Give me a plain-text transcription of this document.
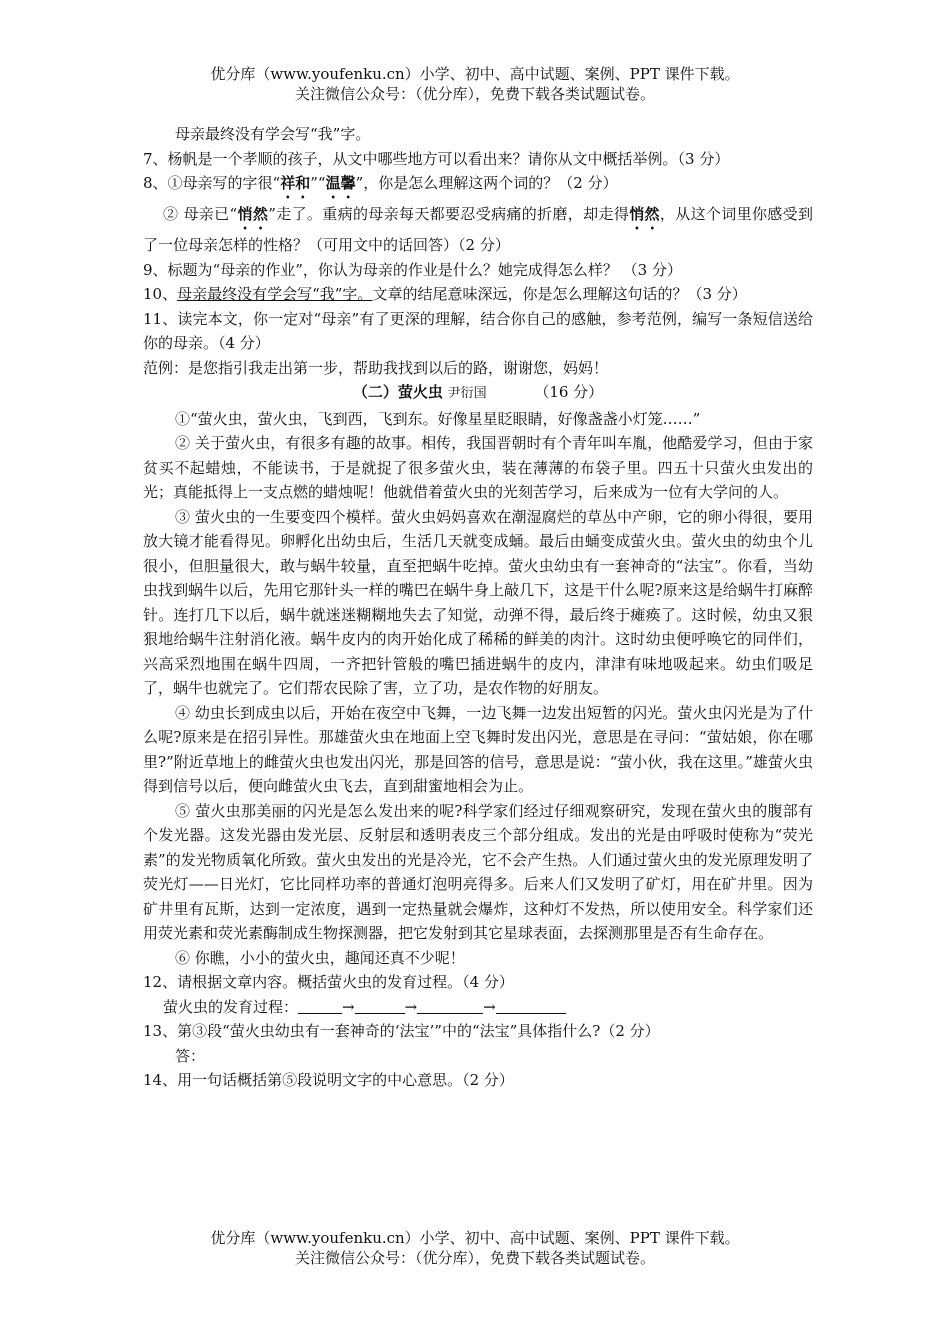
优分库（www.youfenku.cn）小学、初中、高中试题、案例、PPT 课件下载。
关注微信公众号：（优分库），免费下载各类试题试卷。

母亲最终没有学会写“我”字。

7、杨帆是一个孝顺的孩子，从文中哪些地方可以看出来？请你从文中概括举例。（3 分）

8、①母亲写的字很“祥和”“温馨”，你是怎么理解这两个词的？（2 分）

② 母亲已“悄然”走了。重病的母亲每天都要忍受病痛的折磨，却走得悄然，从这个词里你感受到了一位母亲怎样的性格？（可用文中的话回答）（2 分）

9、标题为“母亲的作业”，你认为母亲的作业是什么？她完成得怎么样？ （3 分）

10、母亲最终没有学会写“我”字。文章的结尾意味深远，你是怎么理解这句话的？（3 分）

11、读完本文，你一定对“母亲”有了更深的理解，结合你自己的感触，参考范例，编写一条短信送给你的母亲。（4 分）

范例：是您指引我走出第一步，帮助我找到以后的路，谢谢您，妈妈！

（二）萤火虫 尹衍国	（16 分）

①“萤火虫，萤火虫，飞到西，飞到东。好像星星眨眼睛，好像盏盏小灯笼……”

② 关于萤火虫，有很多有趣的故事。相传，我国晋朝时有个青年叫车胤，他酷爱学习，但由于家贫买不起蜡烛，不能读书，于是就捉了很多萤火虫，装在薄薄的布袋子里。四五十只萤火虫发出的光；真能抵得上一支点燃的蜡烛呢！他就借着萤火虫的光刻苦学习，后来成为一位有大学问的人。

③ 萤火虫的一生要变四个模样。萤火虫妈妈喜欢在潮湿腐烂的草丛中产卵，它的卵小得很，要用放大镜才能看得见。卵孵化出幼虫后，生活几天就变成蛹。最后由蛹变成萤火虫。萤火虫的幼虫个儿很小，但胆量很大，敢与蜗牛较量，直至把蜗牛吃掉。萤火虫幼虫有一套神奇的“法宝”。你看，当幼虫找到蜗牛以后，先用它那针头一样的嘴巴在蜗牛身上敲几下，这是干什么呢?原来这是给蜗牛打麻醉针。连打几下以后，蜗牛就迷迷糊糊地失去了知觉，动弹不得，最后终于瘫痪了。这时候，幼虫又狠狠地给蜗牛注射消化液。蜗牛皮内的肉开始化成了稀稀的鲜美的肉汁。这时幼虫便呼唤它的同伴们，兴高采烈地围在蜗牛四周，一齐把针管般的嘴巴插进蜗牛的皮内，津津有味地吸起来。幼虫们吸足了，蜗牛也就完了。它们帮农民除了害，立了功，是农作物的好朋友。

④ 幼虫长到成虫以后，开始在夜空中飞舞，一边飞舞一边发出短暂的闪光。萤火虫闪光是为了什么呢?原来是在招引异性。那雄萤火虫在地面上空飞舞时发出闪光，意思是在寻问：“萤姑娘，你在哪里?”附近草地上的雌萤火虫也发出闪光，那是回答的信号，意思是说：“萤小伙，我在这里。”雄萤火虫得到信号以后，便向雌萤火虫飞去，直到甜蜜地相会为止。

⑤ 萤火虫那美丽的闪光是怎么发出来的呢?科学家们经过仔细观察研究，发现在萤火虫的腹部有个发光器。这发光器由发光层、反射层和透明表皮三个部分组成。发出的光是由呼吸时使称为“荧光素”的发光物质氧化所致。萤火虫发出的光是冷光，它不会产生热。人们通过萤火虫的发光原理发明了荧光灯——日光灯，它比同样功率的普通灯泡明亮得多。后来人们又发明了矿灯，用在矿井里。因为矿井里有瓦斯，达到一定浓度，遇到一定热量就会爆炸，这种灯不发热，所以使用安全。科学家们还用荧光素和荧光素酶制成生物探测器，把它发射到其它星球表面，去探测那里是否有生命存在。

⑥ 你瞧，小小的萤火虫，趣闻还真不少呢！

12、请根据文章内容。概括萤火虫的发育过程。（4 分）

萤火虫的发育过程：	→	→	→

13、第③段“萤火虫幼虫有一套神奇的‘法宝’”中的“法宝”具体指什么?（2 分）

答：

14、用一句话概括第⑤段说明文字的中心意思。（2 分）

优分库（www.youfenku.cn）小学、初中、高中试题、案例、PPT 课件下载。
关注微信公众号：（优分库），免费下载各类试题试卷。
